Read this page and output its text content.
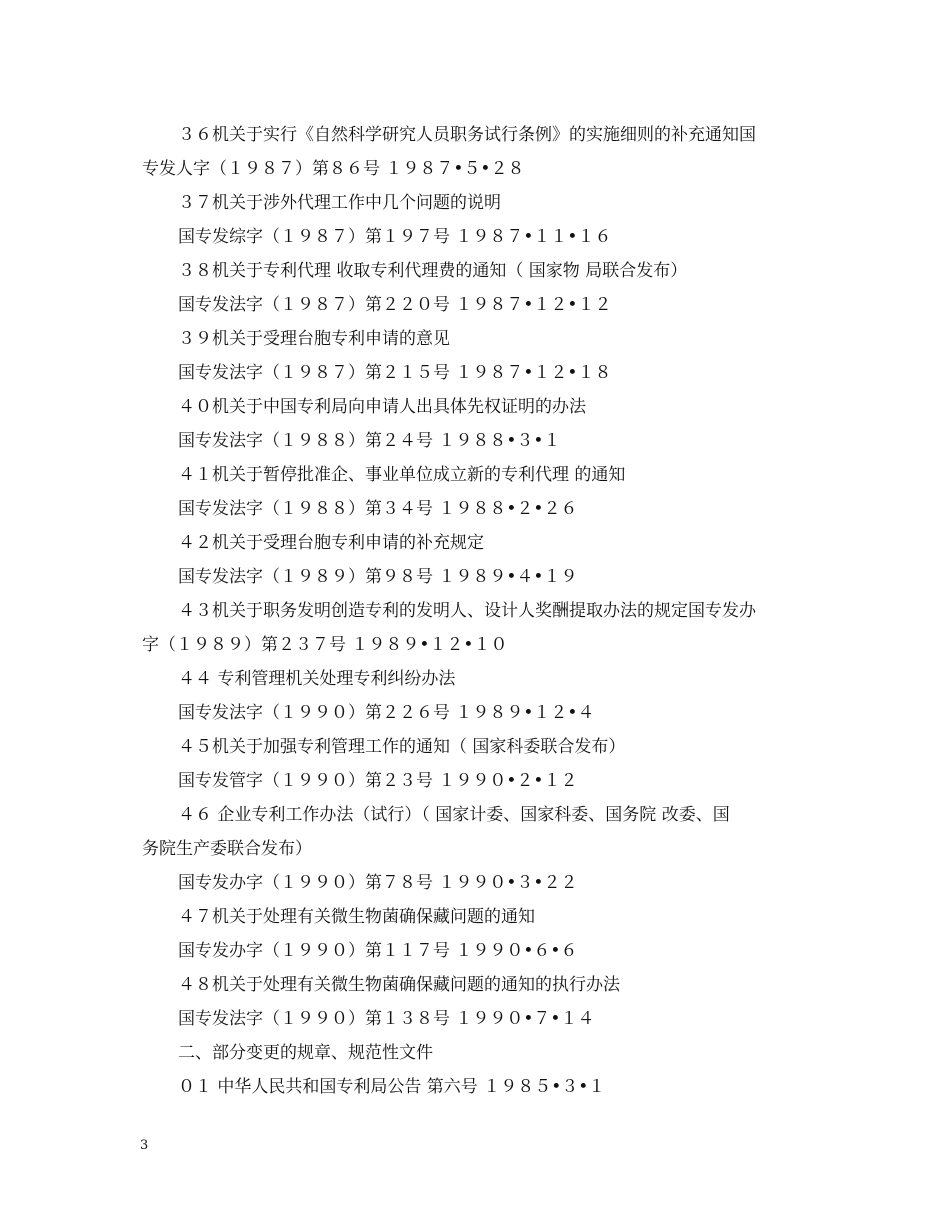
３６机关于实行《自然科学研究人员职务试行条例》的实施细则的补充通知国
专发人字（１９８７）第８６号 １９８７•５•２８
３７机关于涉外代理工作中几个问题的说明
国专发综字（１９８７）第１９７号 １９８７•１１•１６
３８机关于专利代理 收取专利代理费的通知（ 国家物 局联合发布）
国专发法字（１９８７）第２２０号 １９８７•１２•１２
３９机关于受理台胞专利申请的意见
国专发法字（１９８７）第２１５号 １９８７•１２•１８
４０机关于中国专利局向申请人出具体先权证明的办法
国专发法字（１９８８）第２４号 １９８８•３•１
４１机关于暂停批准企、事业单位成立新的专利代理 的通知
国专发法字（１９８８）第３４号 １９８８•２•２６
４２机关于受理台胞专利申请的补充规定
国专发法字（１９８９）第９８号 １９８９•４•１９
４３机关于职务发明创造专利的发明人、设计人奖酬提取办法的规定国专发办
字（１９８９）第２３７号 １９８９•１２•１０
４４ 专利管理机关处理专利纠纷办法
国专发法字（１９９０）第２２６号 １９８９•１２•４
４５机关于加强专利管理工作的通知（ 国家科委联合发布）
国专发管字（１９９０）第２３号 １９９０•２•１２
４６ 企业专利工作办法（试行）（ 国家计委、国家科委、国务院 改委、国
务院生产委联合发布）
国专发办字（１９９０）第７８号 １９９０•３•２２
４７机关于处理有关微生物菌确保藏问题的通知
国专发办字（１９９０）第１１７号 １９９０•６•６
４８机关于处理有关微生物菌确保藏问题的通知的执行办法
国专发法字（１９９０）第１３８号 １９９０•７•１４
二、部分变更的规章、规范性文件
０１ 中华人民共和国专利局公告 第六号 １９８５•３•１
3
